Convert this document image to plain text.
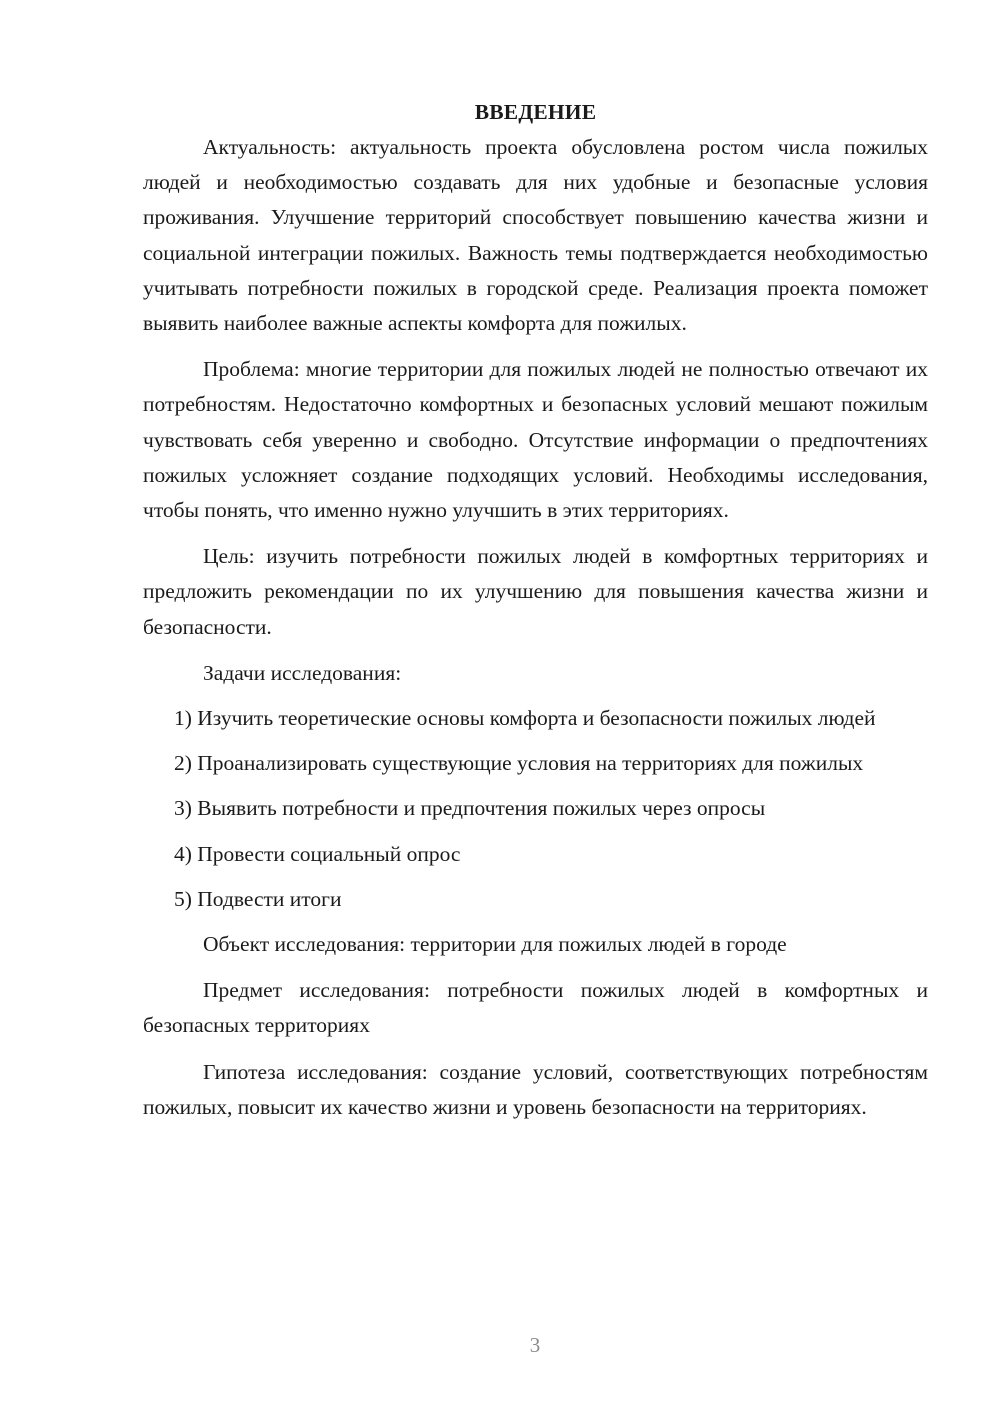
ВВЕДЕНИЕ

Актуальность: актуальность проекта обусловлена ростом числа пожилых людей и необходимостью создавать для них удобные и безопасные условия проживания. Улучшение территорий способствует повышению качества жизни и социальной интеграции пожилых. Важность темы подтверждается необходимостью учитывать потребности пожилых в городской среде. Реализация проекта поможет выявить наиболее важные аспекты комфорта для пожилых.

Проблема: многие территории для пожилых людей не полностью отвечают их потребностям. Недостаточно комфортных и безопасных условий мешают пожилым чувствовать себя уверенно и свободно. Отсутствие информации о предпочтениях пожилых усложняет создание подходящих условий. Необходимы исследования, чтобы понять, что именно нужно улучшить в этих территориях.

Цель: изучить потребности пожилых людей в комфортных территориях и предложить рекомендации по их улучшению для повышения качества жизни и безопасности.

Задачи исследования:

1) Изучить теоретические основы комфорта и безопасности пожилых людей

2) Проанализировать существующие условия на территориях для пожилых

3) Выявить потребности и предпочтения пожилых через опросы

4) Провести социальный опрос

5) Подвести итоги

Объект исследования: территории для пожилых людей в городе

Предмет исследования: потребности пожилых людей в комфортных и безопасных территориях

Гипотеза исследования: создание условий, соответствующих потребностям пожилых, повысит их качество жизни и уровень безопасности на территориях.

3
